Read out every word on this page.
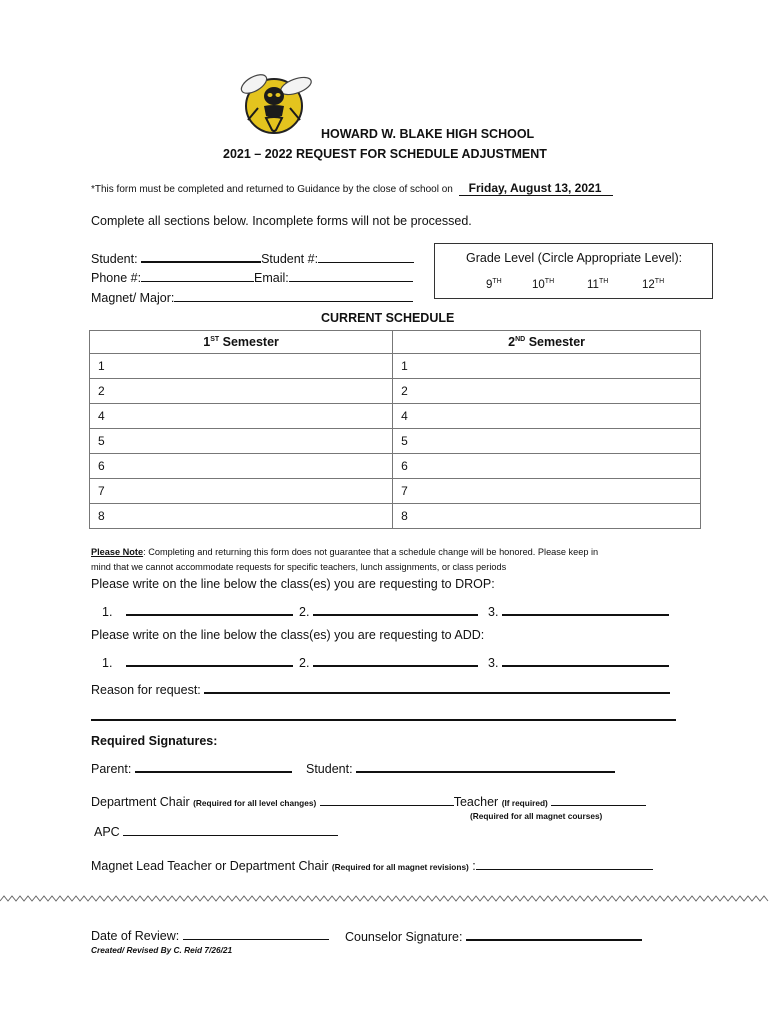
HOWARD W. BLAKE HIGH SCHOOL
2021 – 2022 REQUEST FOR SCHEDULE ADJUSTMENT
*This form must be completed and returned to Guidance by the close of school on Friday, August 13, 2021
Complete all sections below. Incomplete forms will not be processed.
Student:	Student #:
Phone #:	Email:
Magnet/ Major:
Grade Level (Circle Appropriate Level):
9TH	10TH	11TH	12TH
CURRENT SCHEDULE
1ST Semester	2ND Semester
1	1
2	2
4	4
5	5
6	6
7	7
8	8
Please Note: Completing and returning this form does not guarantee that a schedule change will be honored. Please keep in
mind that we cannot accommodate requests for specific teachers, lunch assignments, or class periods
Please write on the line below the class(es) you are requesting to DROP:
1.	2.	3.
Please write on the line below the class(es) you are requesting to ADD:
1.	2.	3.
Reason for request:
Required Signatures:
Parent:	Student:
Department Chair (Required for all level changes)	Teacher (If required)
(Required for all magnet courses)
APC
Magnet Lead Teacher or Department Chair (Required for all magnet revisions) :
Date of Review:	Counselor Signature:
Created/ Revised By C. Reid 7/26/21
